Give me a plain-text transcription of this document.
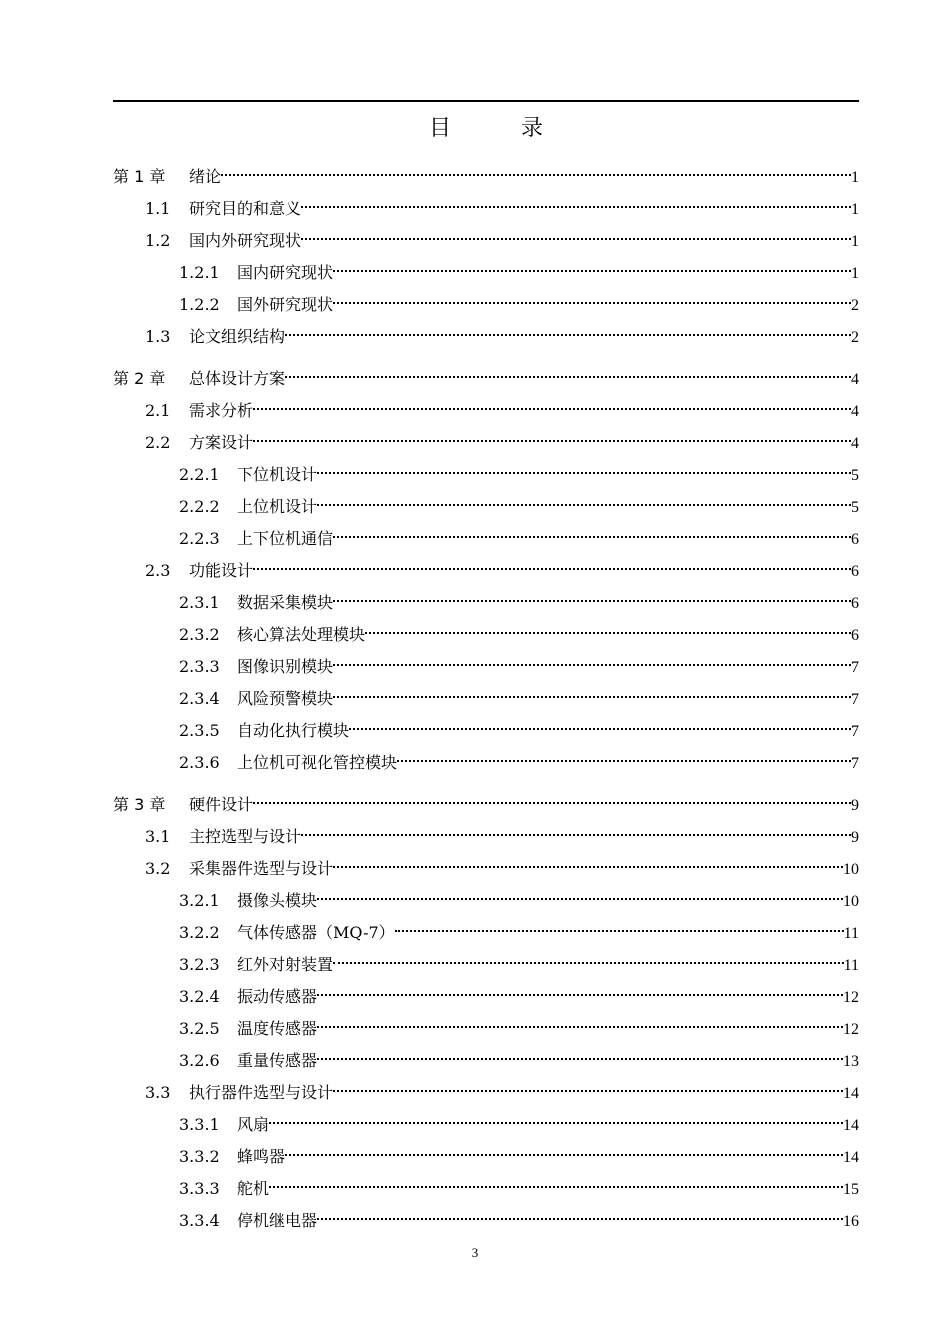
目　录
第 1 章	绪论	1
1.1	研究目的和意义	1
1.2	国内外研究现状	1
1.2.1	国内研究现状	1
1.2.2	国外研究现状	2
1.3	论文组织结构	2
第 2 章	总体设计方案	4
2.1	需求分析	4
2.2	方案设计	4
2.2.1	下位机设计	5
2.2.2	上位机设计	5
2.2.3	上下位机通信	6
2.3	功能设计	6
2.3.1	数据采集模块	6
2.3.2	核心算法处理模块	6
2.3.3	图像识别模块	7
2.3.4	风险预警模块	7
2.3.5	自动化执行模块	7
2.3.6	上位机可视化管控模块	7
第 3 章	硬件设计	9
3.1	主控选型与设计	9
3.2	采集器件选型与设计	10
3.2.1	摄像头模块	10
3.2.2	气体传感器（MQ-7）	11
3.2.3	红外对射装置	11
3.2.4	振动传感器	12
3.2.5	温度传感器	12
3.2.6	重量传感器	13
3.3	执行器件选型与设计	14
3.3.1	风扇	14
3.3.2	蜂鸣器	14
3.3.3	舵机	15
3.3.4	停机继电器	16
3
